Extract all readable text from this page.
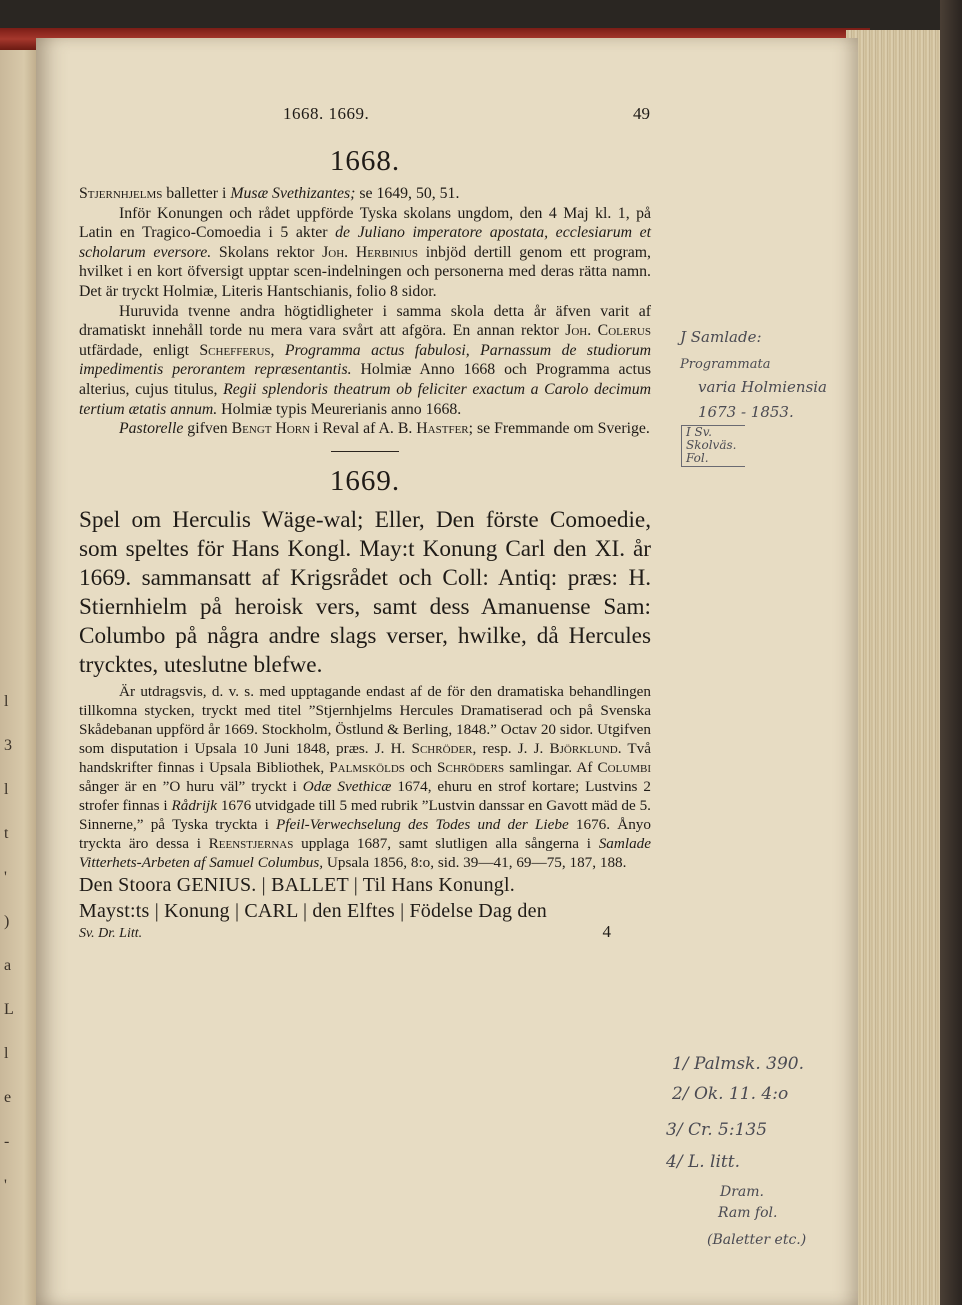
l
3
l
t
'
)
a
L
l
e
-
'
1668. 1669.	49
1668.

Stjernhjelms balletter i Musæ Svethizantes; se 1649, 50, 51.

Inför Konungen och rådet uppförde Tyska skolans ungdom, den 4 Maj kl. 1, på Latin en Tragico-Comoedia i 5 akter de Juliano imperatore apostata, ecclesiarum et scholarum eversore. Skolans rektor Joh. Herbinius inbjöd dertill genom ett program, hvilket i en kort öfversigt upptar scen-indelningen och personerna med deras rätta namn. Det är tryckt Holmiæ, Literis Hantschianis, folio 8 sidor.

Huruvida tvenne andra högtidligheter i samma skola detta år äfven varit af dramatiskt innehåll torde nu mera vara svårt att afgöra. En annan rektor Joh. Colerus utfärdade, enligt Schefferus, Programma actus fabulosi, Parnassum de studiorum impedimentis perorantem repræsentantis. Holmiæ Anno 1668 och Programma actus alterius, cujus titulus, Regii splendoris theatrum ob feliciter exactum a Carolo decimum tertium ætatis annum. Holmiæ typis Meurerianis anno 1668.

Pastorelle gifven Bengt Horn i Reval af A. B. Hastfer; se Fremmande om Sverige.

1669.

Spel om Herculis Wäge-wal; Eller, Den förste Comoedie, som speltes för Hans Kongl. May:t Konung Carl den XI. år 1669. sammansatt af Krigsrådet och Coll: Antiq: præs: H. Stiernhielm på heroisk vers, samt dess Amanuense Sam: Columbo på några andre slags verser, hwilke, då Hercules trycktes, uteslutne blefwe.

Är utdragsvis, d. v. s. med upptagande endast af de för den dramatiska behandlingen tillkomna stycken, tryckt med titel ”Stjernhjelms Hercules Dramatiserad och på Svenska Skådebanan uppförd år 1669. Stockholm, Östlund & Berling, 1848.” Octav 20 sidor. Utgifven som disputation i Upsala 10 Juni 1848, præs. J. H. Schröder, resp. J. J. Björklund. Två handskrifter finnas i Upsala Bibliothek, Palmskölds och Schröders samlingar. Af Columbi sånger är en ”O huru väl” tryckt i Odæ Svethicæ 1674, ehuru en strof kortare; Lustvins 2 strofer finnas i Rådrijk 1676 utvidgade till 5 med rubrik ”Lustvin danssar en Gavott mäd de 5. Sinnerne,” på Tyska tryckta i Pfeil-Verwechselung des Todes und der Liebe 1676. Ånyo tryckta äro dessa i Reenstjernas upplaga 1687, samt slutligen alla sångerna i Samlade Vitterhets-Arbeten af Samuel Columbus, Upsala 1856, 8:o, sid. 39—41, 69—75, 187, 188.

Den Stoora GENIUS. | BALLET | Til Hans Konungl.
Mayst:ts | Konung | CARL | den Elftes | Födelse Dag den
Sv. Dr. Litt.	4
J Samlade:
Programmata
varia Holmiensia
1673 - 1853.
I Sv. Skolväs. Fol.
1/ Palmsk. 390.
2/ Ok. 11. 4:o
3/ Cr. 5:135
4/ L. litt.
Dram.
Ram fol.
(Baletter etc.)
